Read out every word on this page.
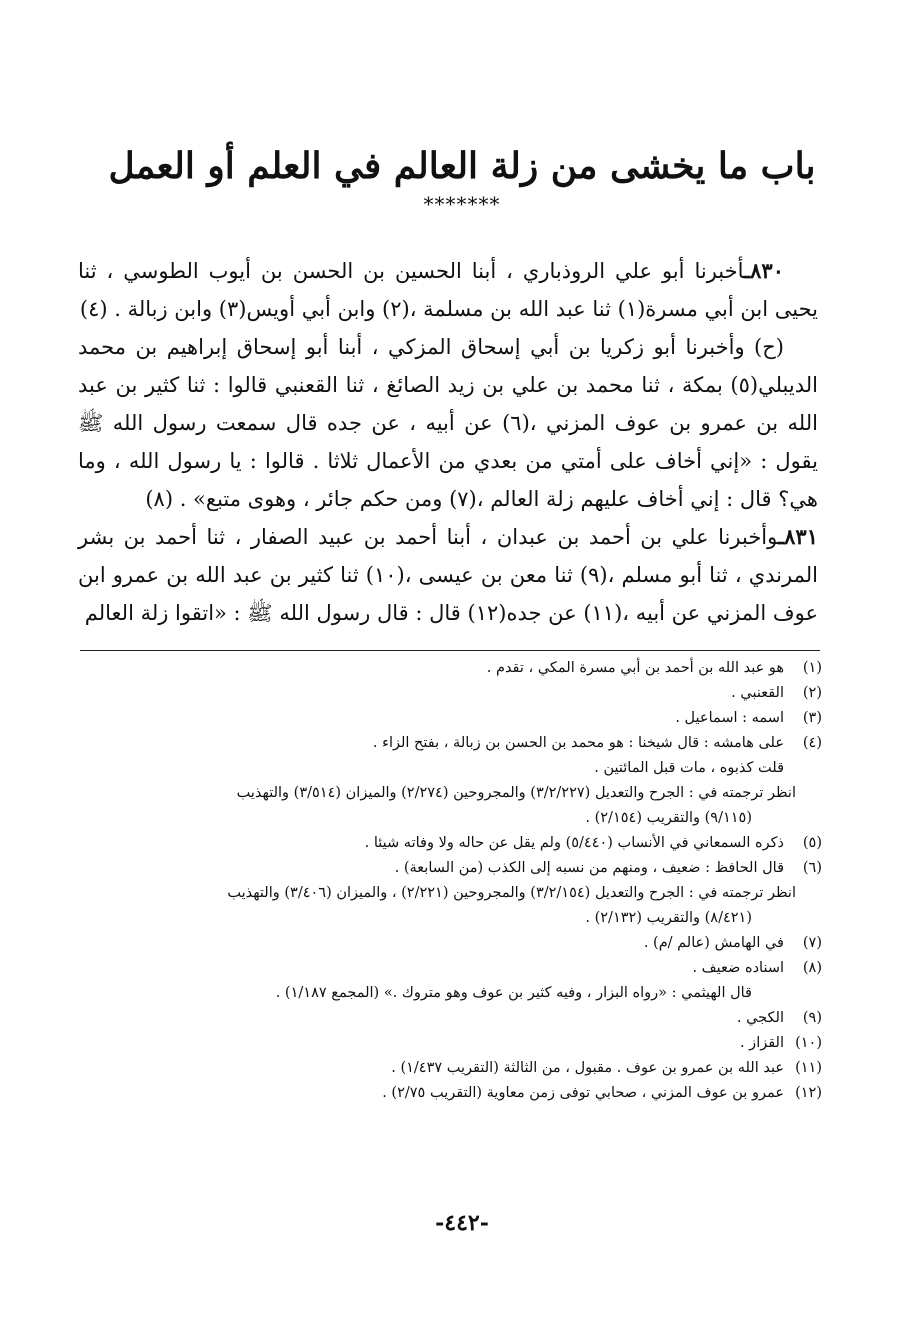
باب ما يخشى من زلة العالم في العلم أو العمل
*******

٨٣٠ـأخبرنا أبو علي الروذباري ، أبنا الحسين بن الحسن بن أيوب الطوسي ، ثنا يحيى ابن أبي مسرة(١) ثنا عبد الله بن مسلمة ،(٢) وابن أبي أويس(٣) وابن زبالة . (٤)

(ح) وأخبرنا أبو زكريا بن أبي إسحاق المزكي ، أبنا أبو إسحاق إبراهيم بن محمد الديبلي(٥) بمكة ، ثنا محمد بن علي بن زيد الصائغ ، ثنا القعنبي قالوا : ثنا كثير بن عبد الله بن عمرو بن عوف المزني ،(٦) عن أبيه ، عن جده قال سمعت رسول الله ﷺ يقول : «إني أخاف على أمتي من بعدي من الأعمال ثلاثا . قالوا : يا رسول الله ، وما هي؟ قال : إني أخاف عليهم زلة العالم ،(٧) ومن حكم جائر ، وهوى متبع» . (٨)

٨٣١ـوأخبرنا علي بن أحمد بن عبدان ، أبنا أحمد بن عبيد الصفار ، ثنا أحمد بن بشر المرندي ، ثنا أبو مسلم ،(٩) ثنا معن بن عيسى ،(١٠) ثنا كثير بن عبد الله بن عمرو ابن عوف المزني عن أبيه ،(١١) عن جده(١٢) قال : قال رسول الله ﷺ : «اتقوا زلة العالم

(١)
هو عبد الله بن أحمد بن أبي مسرة المكي ، تقدم .
(٢)
القعنبي .
(٣)
اسمه : اسماعيل .
(٤)
على هامشه : قال شيخنا : هو محمد بن الحسن بن زبالة ، بفتح الزاء .

قلت كذبوه ، مات قبل المائتين .

انظر ترجمته في : الجرح والتعديل (٣/٢/٢٢٧) والمجروحين (٢/٢٧٤) والميزان (٣/٥١٤) والتهذيب

(٩/١١٥) والتقريب (٢/١٥٤) .

(٥)
ذكره السمعاني في الأنساب (٥/٤٤٠) ولم يقل عن حاله ولا وفاته شيئا .
(٦)
قال الحافظ : ضعيف ، ومنهم من نسبه إلى الكذب (من السابعة) .

انظر ترجمته في : الجرح والتعديل (٣/٢/١٥٤) والمجروحين (٢/٢٢١) ، والميزان (٣/٤٠٦) والتهذيب

(٨/٤٢١) والتقريب (٢/١٣٢) .

(٧)
في الهامش (عالم /م) .
(٨)
اسناده ضعيف .

قال الهيثمي : «رواه البزار ، وفيه كثير بن عوف وهو متروك .» (المجمع ١/١٨٧) .

(٩)
الكجي .
(١٠)
القزاز .
(١١)
عبد الله بن عمرو بن عوف . مقبول ، من الثالثة (التقريب ١/٤٣٧) .
(١٢)
عمرو بن عوف المزني ، صحابي توفى زمن معاوية (التقريب ٢/٧٥) .
-٤٤٢-
